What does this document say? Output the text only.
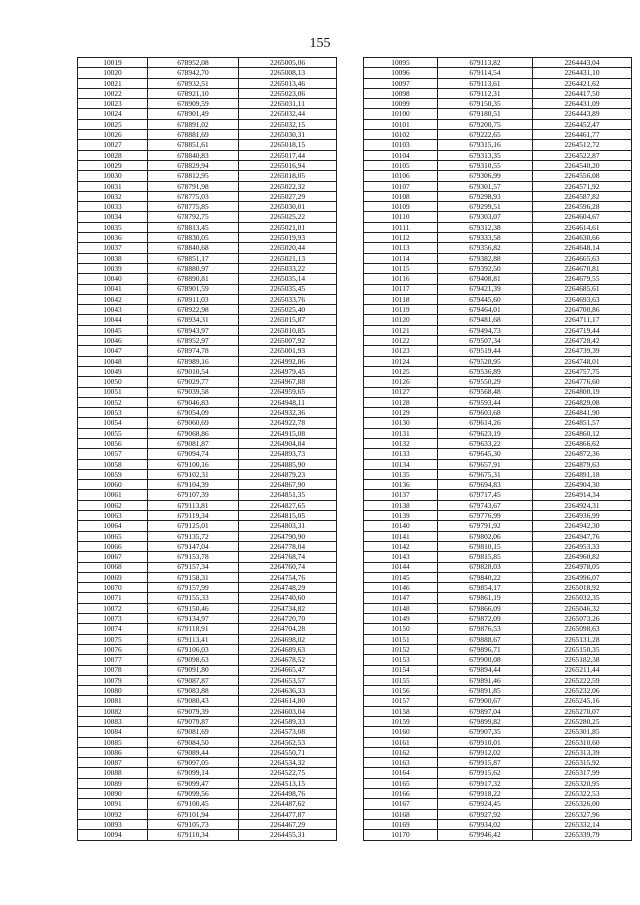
155
10019	678952,08	2265005,06
10020	678942,70	2265008,13
10021	678932,51	2265013,46
10022	678921,10	2265023,06
10023	678909,59	2265031,11
10024	678901,49	2265032,44
10025	678891,02	2265032,15
10026	678881,69	2265030,31
10027	678851,61	2265018,15
10028	678840,83	2265017,44
10029	678829,94	2265016,94
10030	678812,95	2265018,05
10031	678791,98	2265022,32
10032	678775,03	2265027,29
10033	678775,85	2265030,01
10034	678792,75	2265025,22
10035	678813,45	2265021,01
10036	678830,05	2265019,93
10037	678840,68	2265020,44
10038	678851,17	2265021,13
10039	678880,97	2265033,22
10040	678890,81	2265035,14
10041	678901,59	2265035,45
10042	678911,03	2265033,76
10043	678922,98	2265025,40
10044	678934,31	2265015,87
10045	678943,97	2265010,85
10046	678952,97	2265007,92
10047	678974,78	2265001,93
10048	678989,16	2264992,86
10049	679010,54	2264979,45
10050	679029,77	2264967,88
10051	679039,58	2264959,65
10052	679046,83	2264948,11
10053	679054,09	2264932,36
10054	679060,69	2264922,78
10055	679068,86	2264915,08
10056	679081,87	2264904,84
10057	679094,74	2264893,73
10058	679100,16	2264885,90
10059	679102,31	2264879,23
10060	679104,39	2264867,90
10061	679107,39	2264851,35
10062	679113,81	2264827,65
10063	679119,34	2264815,05
10064	679125,01	2264803,31
10065	679135,72	2264790,90
10066	679147,04	2264778,04
10067	679153,78	2264768,74
10068	679157,34	2264760,74
10069	679158,31	2264754,76
10070	679157,99	2264748,29
10071	679155,33	2264740,60
10072	679150,46	2264734,82
10073	679134,97	2264720,70
10074	679118,91	2264704,28
10075	679113,41	2264698,02
10076	679106,03	2264689,63
10077	679098,63	2264678,52
10078	679091,80	2264665,47
10079	679087,87	2264653,57
10080	679083,88	2264636,33
10081	679080,43	2264614,80
10082	679079,39	2264603,04
10083	679079,87	2264589,33
10084	679081,69	2264573,08
10085	679084,50	2264562,53
10086	679089,44	2264550,71
10087	679097,05	2264534,32
10088	679099,14	2264522,75
10089	679099,47	2264513,15
10090	679099,56	2264498,76
10091	679100,45	2264487,62
10092	679101,94	2264477,87
10093	679105,73	2264467,29
10094	679110,34	2264455,31
10095	679113,82	2264443,04
10096	679114,54	2264431,10
10097	679113,61	2264421,62
10098	679112,31	2264417,50
10099	679150,35	2264431,09
10100	679180,51	2264443,89
10101	679200,75	2264452,47
10102	679222,65	2264461,77
10103	679315,16	2264512,72
10104	679313,35	2264522,87
10105	679310,55	2264540,20
10106	679306,99	2264556,08
10107	679301,57	2264571,92
10108	679298,93	2264587,82
10109	679299,51	2264596,28
10110	679303,07	2264604,67
10111	679312,38	2264614,61
10112	679333,58	2264630,66
10113	679356,82	2264648,14
10114	679382,88	2264665,63
10115	679392,50	2264670,81
10116	679408,81	2264679,55
10117	679421,39	2264685,61
10118	679445,60	2264693,63
10119	679464,01	2264700,86
10120	679481,68	2264711,17
10121	679494,73	2264719,44
10122	679507,34	2264728,42
10123	679519,44	2264739,39
10124	679528,95	2264748,01
10125	679536,89	2264757,75
10126	679550,29	2264776,60
10127	679568,48	2264800,19
10128	679593,44	2264829,08
10129	679603,68	2264841,90
10130	679614,26	2264851,57
10131	679623,19	2264860,12
10132	679633,22	2264866,62
10133	679645,30	2264872,36
10134	679657,91	2264879,63
10135	679675,31	2264891,18
10136	679694,83	2264904,30
10137	679717,45	2264914,34
10138	679743,67	2264924,31
10139	679776,99	2264936,99
10140	679791,92	2264942,30
10141	679802,06	2264947,76
10142	679810,15	2264953,33
10143	679815,85	2264960,82
10144	679828,03	2264978,05
10145	679840,22	2264996,07
10146	679854,17	2265018,92
10147	679861,19	2265032,35
10148	679866,09	2265046,32
10149	679872,09	2265073,26
10150	679876,53	2265098,63
10151	679888,67	2265131,28
10152	679896,71	2265150,35
10153	679900,08	2265182,38
10154	679894,44	2265211,44
10155	679891,46	2265222,59
10156	679891,85	2265232,06
10157	679900,67	2265245,16
10158	679897,04	2265270,07
10159	679899,82	2265280,25
10160	679907,35	2265301,85
10161	679910,01	2265310,60
10162	679912,02	2265313,39
10163	679915,87	2265315,92
10164	679915,62	2265317,99
10165	679917,32	2265320,95
10166	679918,22	2265322,53
10167	679924,45	2265326,00
10168	679927,92	2265327,96
10169	679934,02	2265332,14
10170	679946,42	2265339,79
